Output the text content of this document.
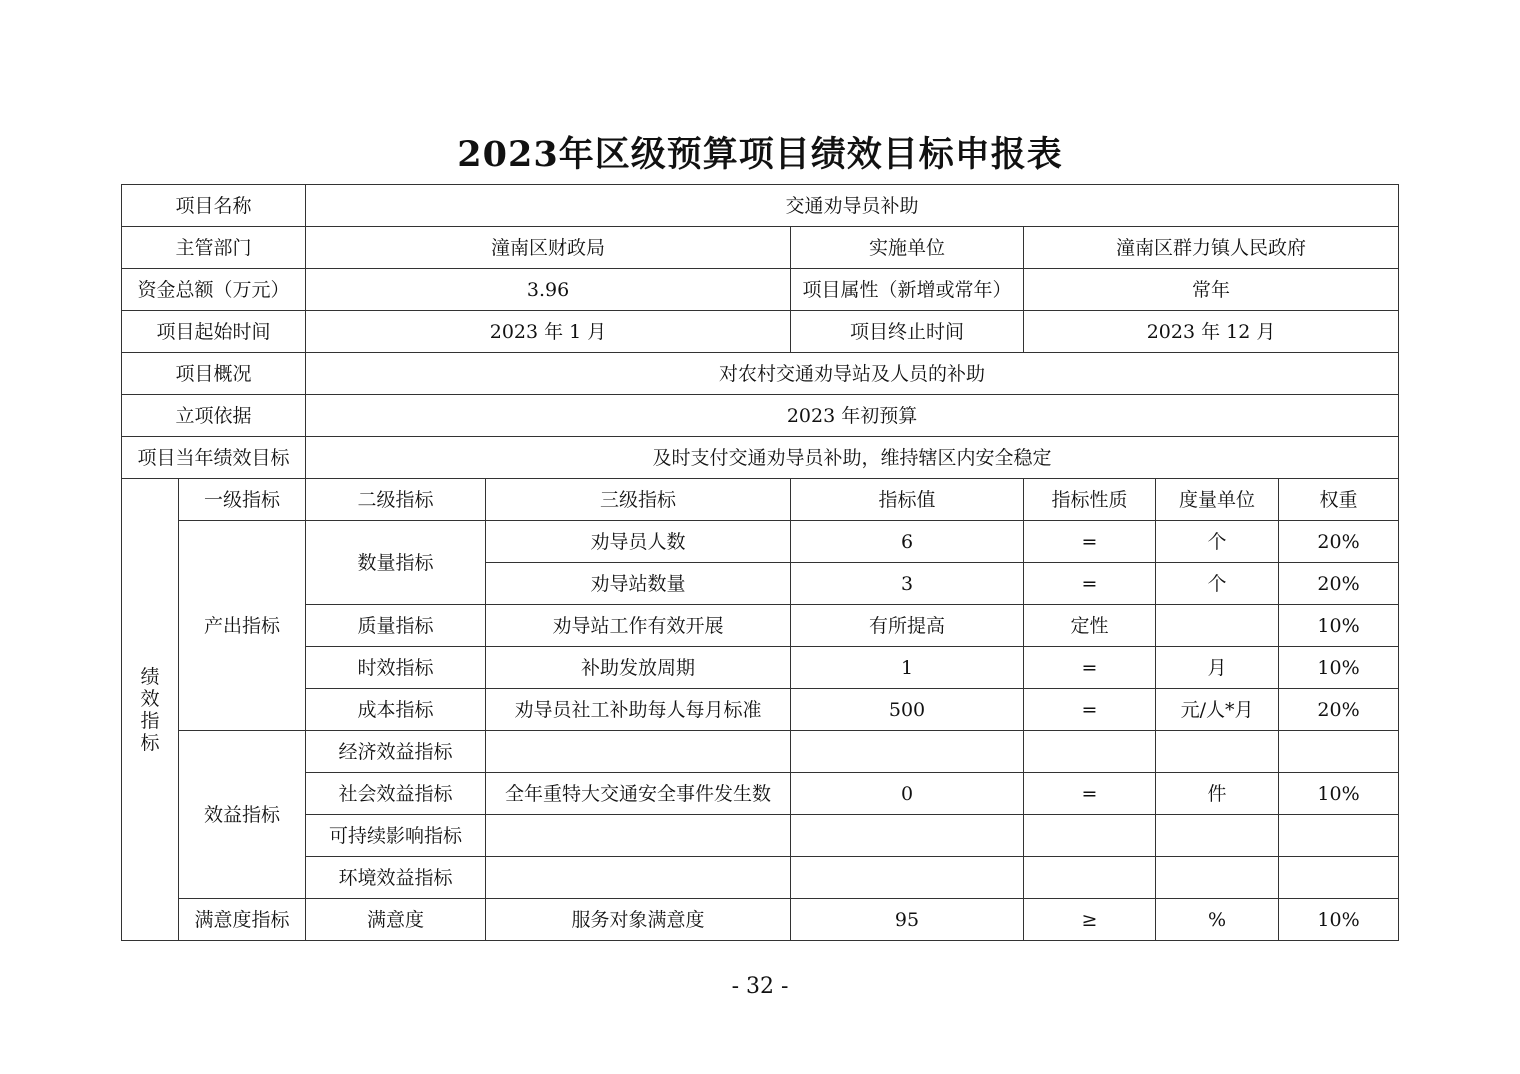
2023年区级预算项目绩效目标申报表
项目名称		交通劝导员补助					
主管部门		潼南区财政局		实施单位	潼南区群力镇人民政府		
资金总额（万元）		3.96		项目属性（新增或常年）	常年		
项目起始时间		2023 年 1 月		项目终止时间	2023 年 12 月		
项目概况		对农村交通劝导站及人员的补助					
立项依据		2023 年初预算					
项目当年绩效目标		及时支付交通劝导员补助，维持辖区内安全稳定					
绩效指标	一级指标	二级指标	三级指标	指标值	指标性质	度量单位	权重
	产出指标	数量指标	劝导员人数	6	=	个	20%
			劝导站数量	3	=	个	20%
		质量指标	劝导站工作有效开展	有所提高	定性		10%
		时效指标	补助发放周期	1	=	月	10%
		成本指标	劝导员社工补助每人每月标准	500	=	元/人*月	20%
	效益指标	经济效益指标					
		社会效益指标	全年重特大交通安全事件发生数	0	=	件	10%
		可持续影响指标					
		环境效益指标					
	满意度指标	满意度	服务对象满意度	95	≥	%	10%
- 32 -
